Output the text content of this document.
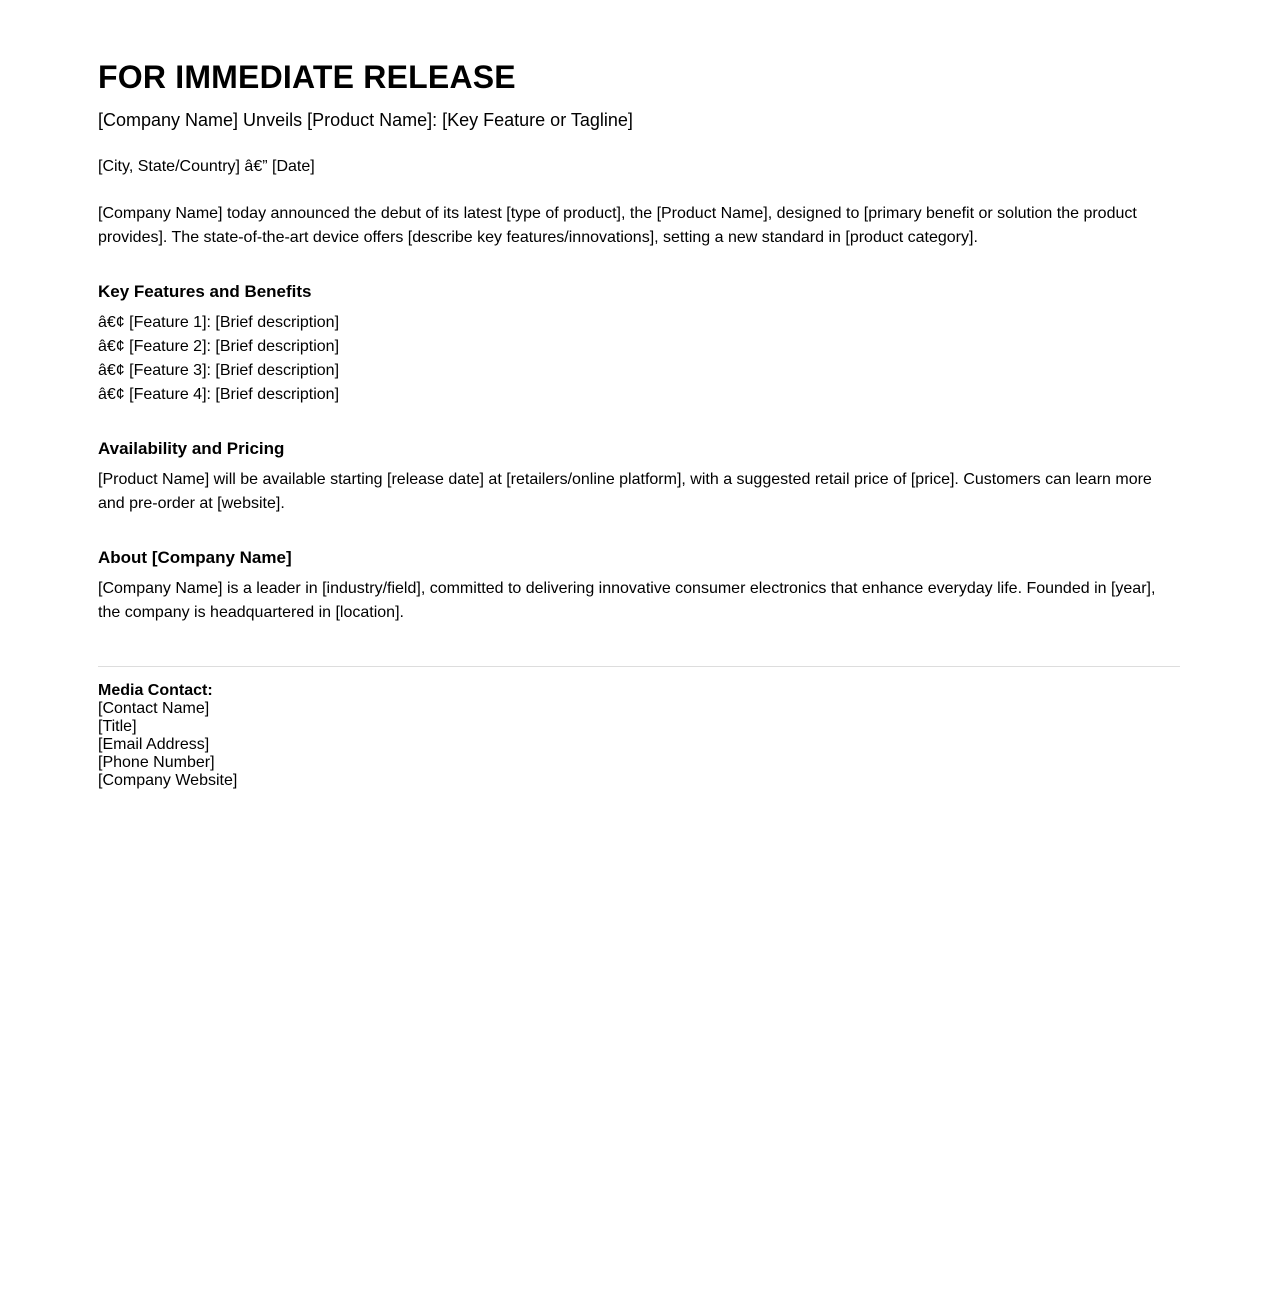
FOR IMMEDIATE RELEASE
[Company Name] Unveils [Product Name]: [Key Feature or Tagline]

[City, State/Country] â€” [Date]

[Company Name] today announced the debut of its latest [type of product], the [Product Name], designed to [primary benefit or solution the product provides]. The state-of-the-art device offers [describe key features/innovations], setting a new standard in [product category].

Key Features and Benefits
â€¢ [Feature 1]: [Brief description]
â€¢ [Feature 2]: [Brief description]
â€¢ [Feature 3]: [Brief description]
â€¢ [Feature 4]: [Brief description]
Availability and Pricing

[Product Name] will be available starting [release date] at [retailers/online platform], with a suggested retail price of [price]. Customers can learn more and pre-order at [website].

About [Company Name]

[Company Name] is a leader in [industry/field], committed to delivering innovative consumer electronics that enhance everyday life. Founded in [year], the company is headquartered in [location].

Media Contact:
[Contact Name]
[Title]
[Email Address]
[Phone Number]
[Company Website]
